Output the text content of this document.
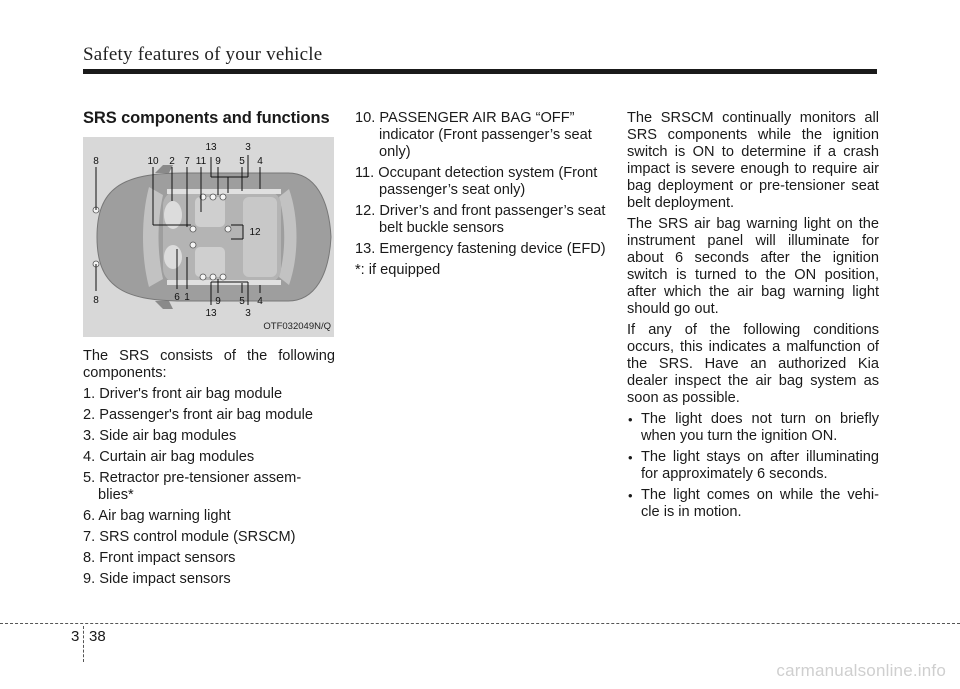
Safety features of your vehicle
SRS components and functions
8	10 2 7 11 9 5 4
13	3
8	6 1	9 5 4
13	3
12
OTF032049N/Q

The SRS consists of the following components:

1. Driver's front air bag module
2. Passenger's front air bag module
3. Side air bag modules
4. Curtain air bag modules
5. Retractor pre-tensioner assem-blies*
6. Air bag warning light
7. SRS control module (SRSCM)
8. Front impact sensors
9. Side impact sensors
10. PASSENGER AIR BAG “OFF” indicator (Front passenger’s seat only)
11. Occupant detection system (Front passenger’s seat only)
12. Driver’s and front passenger’s seat belt buckle sensors
13. Emergency fastening device (EFD)
*: if equipped

The SRSCM continually monitors all SRS components while the ignition switch is ON to determine if a crash impact is severe enough to require air bag deployment or pre-tensioner seat belt deployment.

The SRS air bag warning light on the instrument panel will illuminate for about 6 seconds after the ignition switch is turned to the ON position, after which the air bag warning light should go out.

If any of the following conditions occurs, this indicates a malfunction of the SRS. Have an authorized Kia dealer inspect the air bag system as soon as possible.

• The light does not turn on briefly when you turn the ignition ON.
• The light stays on after illuminating for approximately 6 seconds.
• The light comes on while the vehi-cle is in motion.
3 38
carmanualsonline.info
